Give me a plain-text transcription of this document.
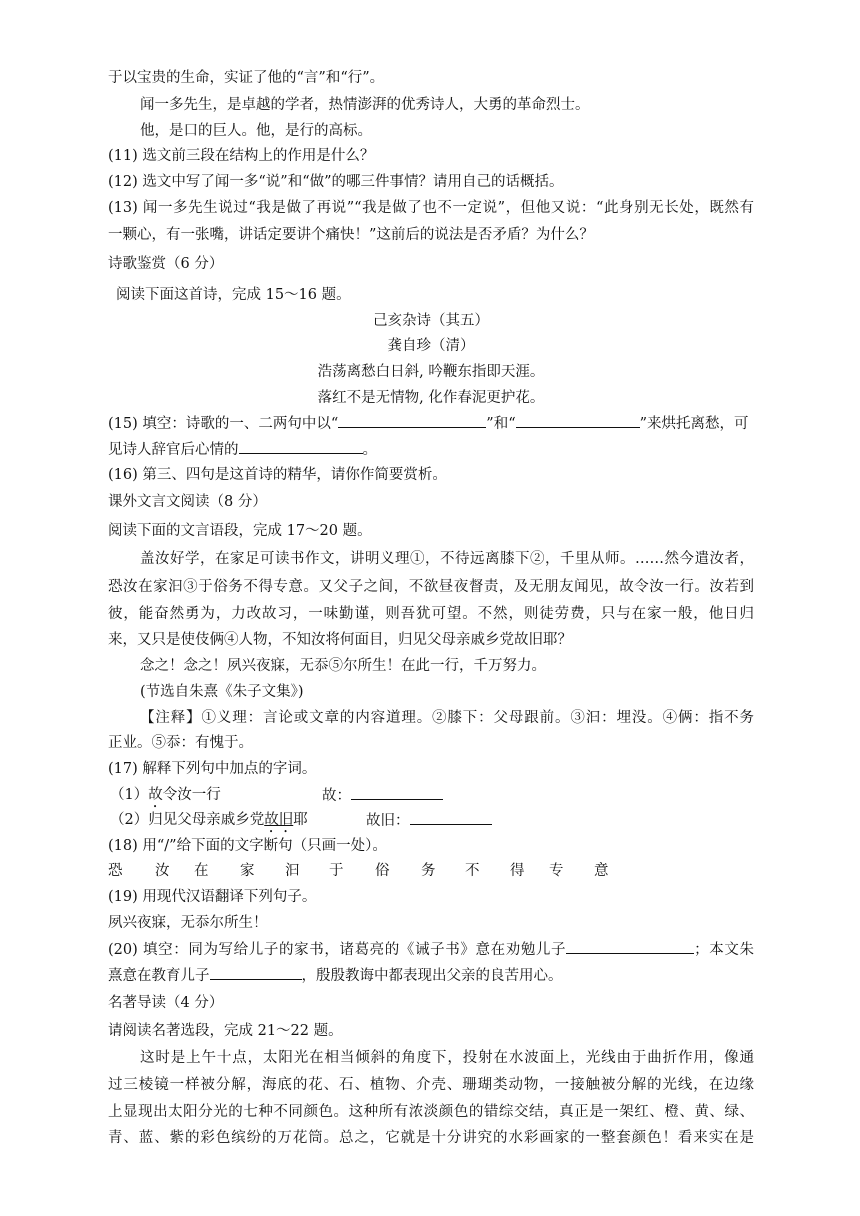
于以宝贵的生命，实证了他的“言”和“行”。
闻一多先生，是卓越的学者，热情澎湃的优秀诗人，大勇的革命烈士。
他，是口的巨人。他，是行的高标。
(11) 选文前三段在结构上的作用是什么？
(12) 选文中写了闻一多“说”和“做”的哪三件事情？请用自己的话概括。
(13) 闻一多先生说过“我是做了再说”“我是做了也不一定说”，但他又说：“此身别无长处，既然有
一颗心，有一张嘴，讲话定要讲个痛快！”这前后的说法是否矛盾？为什么？
诗歌鉴赏（6 分）
阅读下面这首诗，完成 15～16 题。
己亥杂诗（其五）
龚自珍（清）
浩荡离愁白日斜, 吟鞭东指即天涯。
落红不是无情物, 化作春泥更护花。
(15) 填空：诗歌的一、二两句中以“	”和“	”来烘托离愁，可
见诗人辞官后心情的	。
(16) 第三、四句是这首诗的精华，请你作简要赏析。
课外文言文阅读（8 分）
阅读下面的文言语段，完成 17～20 题。
盖汝好学，在家足可读书作文，讲明义理①，不待远离膝下②，千里从师。……然今遣汝者，
恐汝在家汩③于俗务不得专意。又父子之间，不欲昼夜督责，及无朋友闻见，故令汝一行。汝若到
彼，能奋然勇为，力改故习，一味勤谨，则吾犹可望。不然，则徒劳费，只与在家一般，他日归
来，又只是使伎俩④人物，不知汝将何面目，归见父母亲戚乡党故旧耶？
念之！念之！夙兴夜寐，无忝⑤尔所生！在此一行，千万努力。
(节选自朱熹《朱子文集》)
【注释】①义理：言论或文章的内容道理。②膝下：父母跟前。③汩：埋没。④俩：指不务
正业。⑤忝：有愧于。
(17) 解释下列句中加点的字词。
（1）故令汝一行	故：
（2）归见父母亲戚乡党故旧耶	故旧：
(18) 用“/”给下面的文字断句（只画一处）。
恐 汝 在 家 汩 于 俗 务 不 得 专 意
(19) 用现代汉语翻译下列句子。
夙兴夜寐，无忝尔所生！
(20) 填空：同为写给儿子的家书，诸葛亮的《诫子书》意在劝勉儿子	；本文朱
熹意在教育儿子	，殷殷教诲中都表现出父亲的良苦用心。
名著导读（4 分）
请阅读名著选段，完成 21～22 题。
这时是上午十点，太阳光在相当倾斜的角度下，投射在水波面上，光线由于曲折作用，像通
过三棱镜一样被分解，海底的花、石、植物、介壳、珊瑚类动物，一接触被分解的光线，在边缘
上显现出太阳分光的七种不同颜色。这种所有浓淡颜色的错综交结，真正是一架红、橙、黄、绿、
青、蓝、紫的彩色缤纷的万花筒。总之，它就是十分讲究的水彩画家的一整套颜色！看来实在是
